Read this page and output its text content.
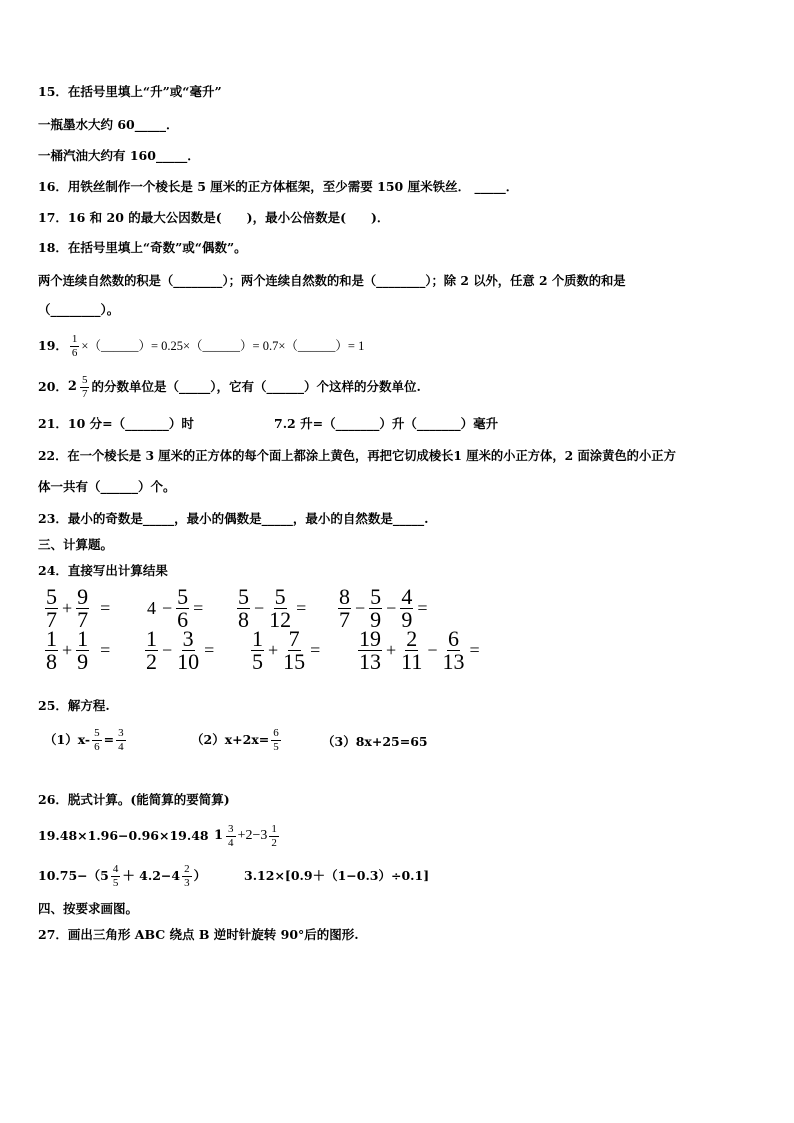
15．在括号里填上“升”或“毫升”
一瓶墨水大约 60_____．
一桶汽油大约有 160_____．
16．用铁丝制作一个棱长是 5 厘米的正方体框架，至少需要 150 厘米铁丝． _____．
17．16 和 20 的最大公因数是(　　)，最小公倍数是(　　)．
18．在括号里填上“奇数”或“偶数”。
两个连续自然数的积是（________）；两个连续自然数的和是（________）；除 2 以外，任意 2 个质数的和是
（________）。
19． $\frac{1}{6}$ ×（______）= 0.25×（______）= 0.7×（______）= 1
20． $2 \frac{5}{7}$ 的分数单位是（_____），它有（______）个这样的分数单位.
21．10 分=（_______）时	7.2 升=（_______）升（_______）毫升
22．在一个棱长是 3 厘米的正方体的每个面上都涂上黄色，再把它切成棱长1 厘米的小正方体，2 面涂黄色的小正方
体一共有（______）个。
23．最小的奇数是_____，最小的偶数是_____，最小的自然数是_____.
三、计算题。
24．直接写出计算结果
$\frac{5}{7} + \frac{9}{7} = 4 - \frac{5}{6} = \frac{5}{8} - \frac{5}{12} = \frac{8}{7} - \frac{5}{9} - \frac{4}{9}$ =
$\frac{1}{8} + \frac{1}{9} = \frac{1}{2} - \frac{3}{10} = \frac{1}{5} + \frac{7}{15} = \frac{19}{13} + \frac{2}{11} - \frac{6}{13}$ =
25．解方程.
$(1)x- \frac{5}{6} = \frac{3}{4}$	$(2)x+2x= \frac{6}{5}$	（3）8x+25=65
26．脱式计算。(能简算的要简算)
19.48×1.96−0.96×19.48 $1 \frac{3}{4} +2-3 \frac{1}{2}$
$10.75-(5 \frac{4}{5} + 4.2-4 \frac{2}{3}$ ）	3.12×[0.9＋（1−0.3）÷0.1]
四、按要求画图。
27．画出三角形 ABC 绕点 B 逆时针旋转 90°后的图形.
